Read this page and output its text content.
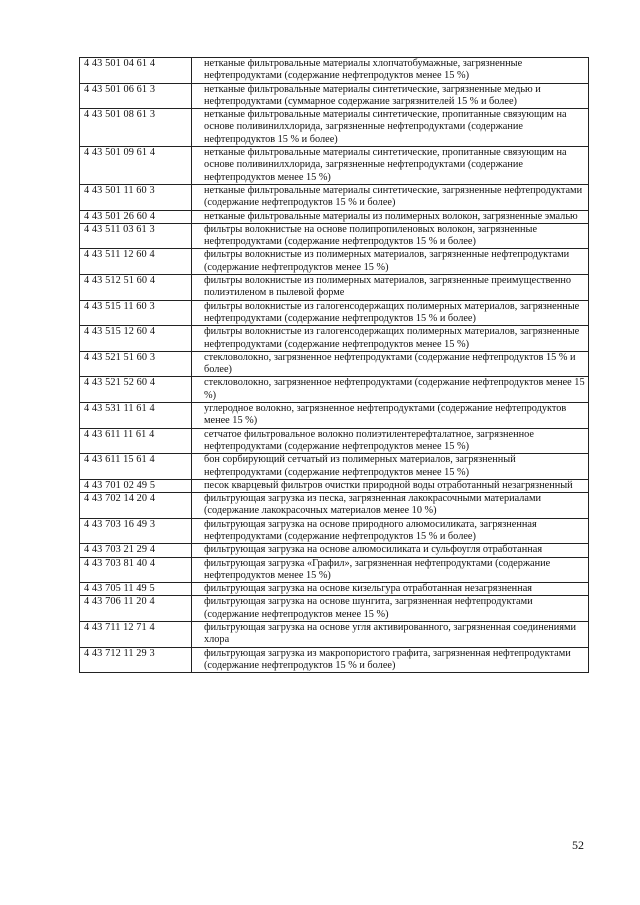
4 43 501 04 61 4	нетканые фильтровальные материалы хлопчатобумажные, загрязненные нефтепродуктами (содержание нефтепродуктов менее 15 %)
4 43 501 06 61 3	нетканые фильтровальные материалы синтетические, загрязненные медью и нефтепродуктами (суммарное содержание загрязнителей 15 % и более)
4 43 501 08 61 3	нетканые фильтровальные материалы синтетические, пропитанные связующим на основе поливинилхлорида, загрязненные нефтепродуктами (содержание нефтепродуктов 15 % и более)
4 43 501 09 61 4	нетканые фильтровальные материалы синтетические, пропитанные связующим на основе поливинилхлорида, загрязненные нефтепродуктами (содержание нефтепродуктов менее 15 %)
4 43 501 11 60 3	нетканые фильтровальные материалы синтетические, загрязненные нефтепродуктами (содержание нефтепродуктов 15 % и более)
4 43 501 26 60 4	нетканые фильтровальные материалы из полимерных волокон, загрязненные эмалью
4 43 511 03 61 3	фильтры волокнистые на основе полипропиленовых волокон, загрязненные нефтепродуктами (содержание нефтепродуктов 15 % и более)
4 43 511 12 60 4	фильтры волокнистые из полимерных материалов, загрязненные нефтепродуктами (содержание нефтепродуктов менее 15 %)
4 43 512 51 60 4	фильтры волокнистые из полимерных материалов, загрязненные преимущественно полиэтиленом в пылевой форме
4 43 515 11 60 3	фильтры волокнистые из галогенсодержащих полимерных материалов, загрязненные нефтепродуктами (содержание нефтепродуктов 15 % и более)
4 43 515 12 60 4	фильтры волокнистые из галогенсодержащих полимерных материалов, загрязненные нефтепродуктами (содержание нефтепродуктов менее 15 %)
4 43 521 51 60 3	стекловолокно, загрязненное нефтепродуктами (содержание нефтепродуктов 15 % и более)
4 43 521 52 60 4	стекловолокно, загрязненное нефтепродуктами (содержание нефтепродуктов менее 15 %)
4 43 531 11 61 4	углеродное волокно, загрязненное нефтепродуктами (содержание нефтепродуктов менее 15 %)
4 43 611 11 61 4	сетчатое фильтровальное волокно полиэтилентерефталатное, загрязненное нефтепродуктами (содержание нефтепродуктов менее 15 %)
4 43 611 15 61 4	бон сорбирующий сетчатый из полимерных материалов, загрязненный нефтепродуктами (содержание нефтепродуктов менее 15 %)
4 43 701 02 49 5	песок кварцевый фильтров очистки природной воды отработанный незагрязненный
4 43 702 14 20 4	фильтрующая загрузка из песка, загрязненная лакокрасочными материалами (содержание лакокрасочных материалов менее 10 %)
4 43 703 16 49 3	фильтрующая загрузка на основе природного алюмосиликата, загрязненная нефтепродуктами (содержание нефтепродуктов 15 % и более)
4 43 703 21 29 4	фильтрующая загрузка на основе алюмосиликата и сульфоугля отработанная
4 43 703 81 40 4	фильтрующая загрузка «Графил», загрязненная нефтепродуктами (содержание нефтепродуктов менее 15 %)
4 43 705 11 49 5	фильтрующая загрузка на основе кизельгура отработанная незагрязненная
4 43 706 11 20 4	фильтрующая загрузка на основе шунгита, загрязненная нефтепродуктами (содержание нефтепродуктов менее 15 %)
4 43 711 12 71 4	фильтрующая загрузка на основе угля активированного, загрязненная соединениями хлора
4 43 712 11 29 3	фильтрующая загрузка из макропористого графита, загрязненная нефтепродуктами (содержание нефтепродуктов 15 % и более)
52
